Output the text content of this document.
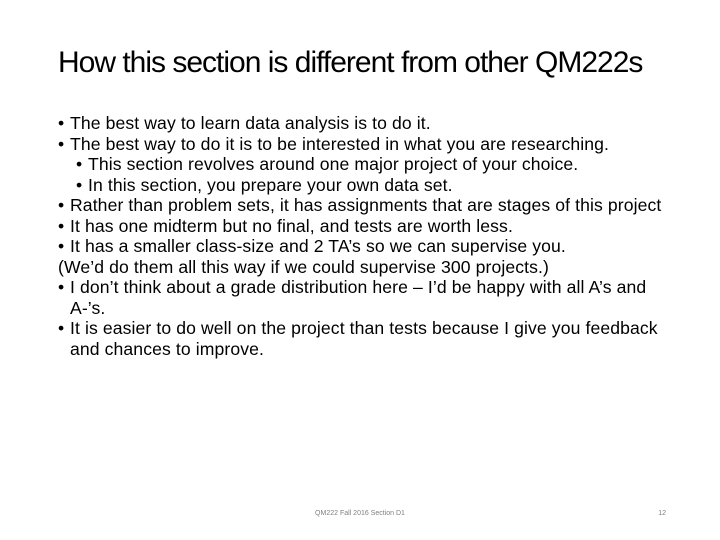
How this section is different from other QM222s

• The best way to learn data analysis is to do it.

• The best way to do it is to be interested in what you are researching.

• This section revolves around one major project of your choice.

• In this section, you prepare your own data set.

• Rather than problem sets, it has assignments that are stages of this project

• It has one midterm but no final, and tests are worth less.

• It has a smaller class-size and 2 TA’s so we can supervise you.

(We’d do them all this way if we could supervise 300 projects.)

• I don’t think about a grade distribution here – I’d be happy with all A’s and A-’s.

• It is easier to do well on the project than tests because I give you feedback and chances to improve.

QM222 Fall 2016 Section D1	12
